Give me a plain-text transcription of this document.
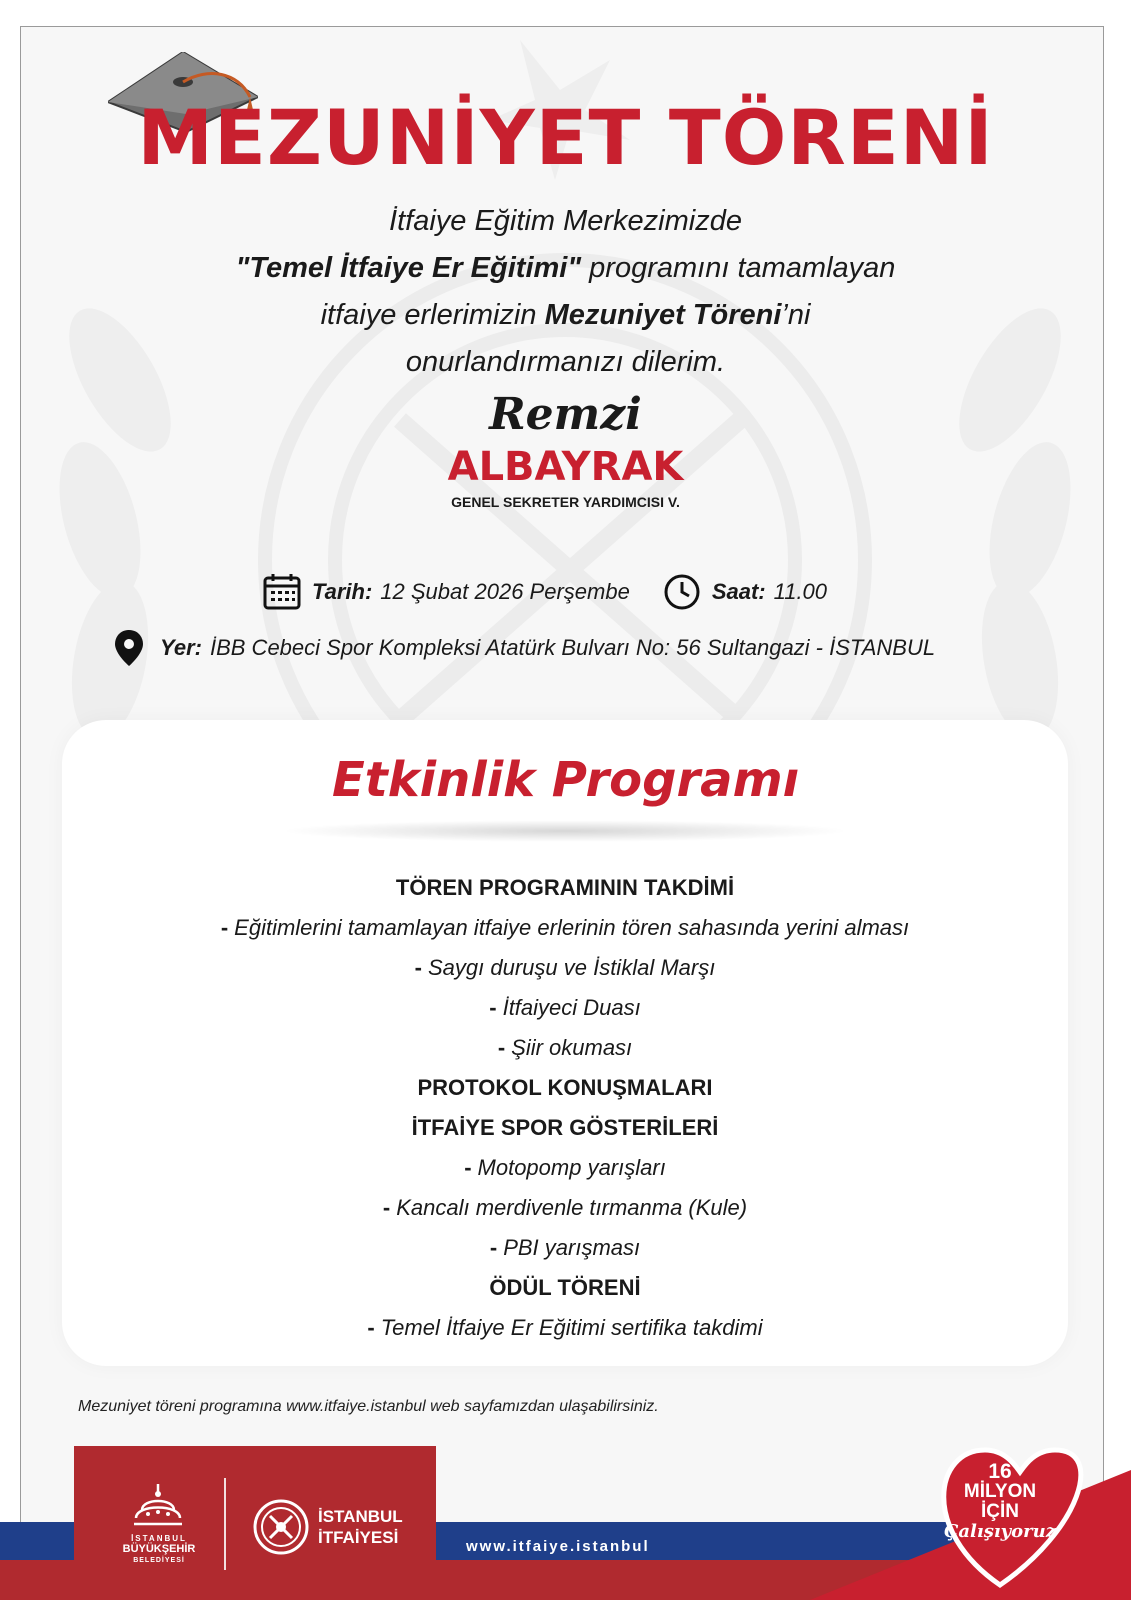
MEZUNİYET TÖRENİ
İtfaiye Eğitim Merkezimizde
"Temel İtfaiye Er Eğitimi" programını tamamlayan
itfaiye erlerimizin Mezuniyet Töreni’ni
onurlandırmanızı dilerim.
Remzi
ALBAYRAK
GENEL SEKRETER YARDIMCISI V.
Tarih: 12 Şubat 2026 Perşembe	Saat: 11.00
Yer: İBB Cebeci Spor Kompleksi Atatürk Bulvarı No: 56 Sultangazi - İSTANBUL
Etkinlik Programı
TÖREN PROGRAMININ TAKDİMİ
- Eğitimlerini tamamlayan itfaiye erlerinin tören sahasında yerini alması
- Saygı duruşu ve İstiklal Marşı
- İtfaiyeci Duası
- Şiir okuması
PROTOKOL KONUŞMALARI
İTFAİYE SPOR GÖSTERİLERİ
- Motopomp yarışları
- Kancalı merdivenle tırmanma (Kule)
- PBI yarışması
ÖDÜL TÖRENİ
- Temel İtfaiye Er Eğitimi sertifika takdimi
Mezuniyet töreni programına www.itfaiye.istanbul web sayfamızdan ulaşabilirsiniz.
16
MİLYON
İÇİN
Çalışıyoruz
İSTANBUL
BÜYÜKŞEHİR
BELEDİYESİ
İSTANBUL
İTFAİYESİ	www.itfaiye.istanbul
